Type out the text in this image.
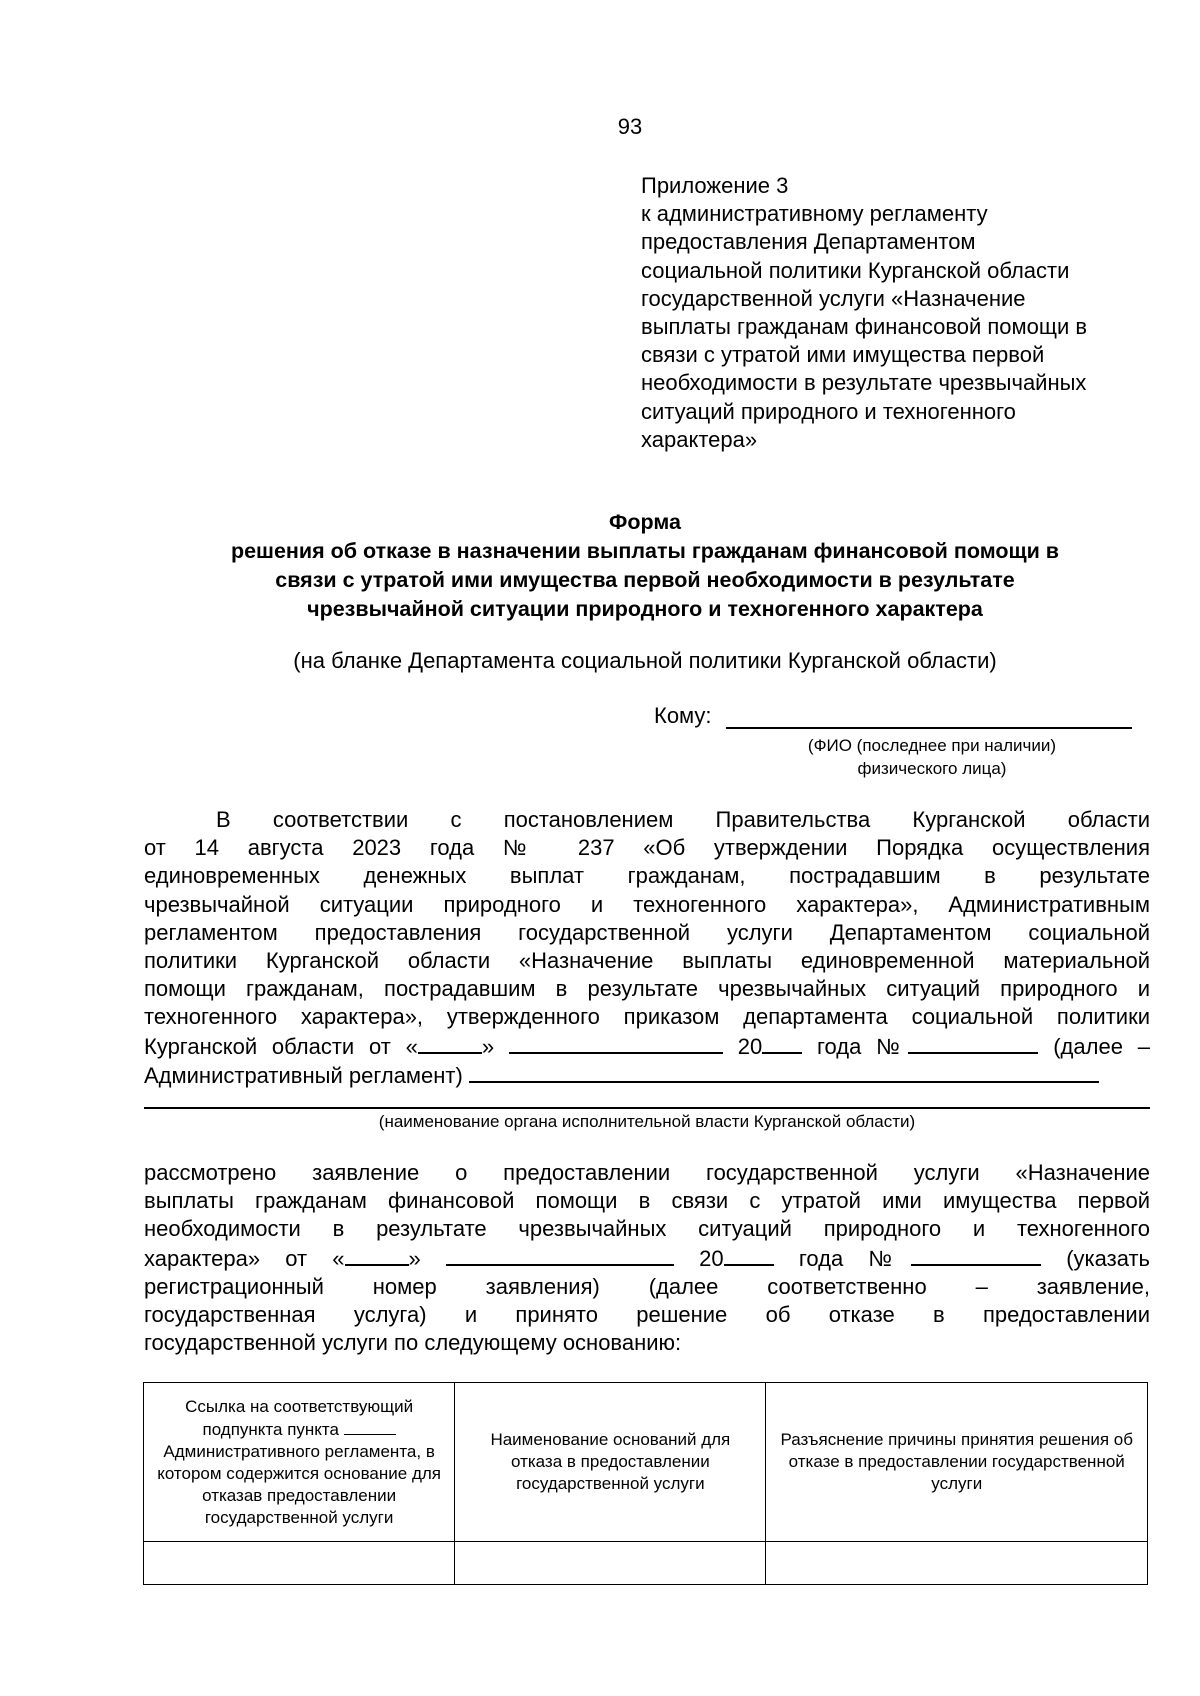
93
Приложение 3
к административному регламенту
предоставления Департаментом
социальной политики Курганской области
государственной услуги «Назначение
выплаты гражданам финансовой помощи в
связи с утратой ими имущества первой
необходимости в результате чрезвычайных
ситуаций природного и техногенного
характера»
Форма
решения об отказе в назначении выплаты гражданам финансовой помощи в
связи с утратой ими имущества первой необходимости в результате
чрезвычайной ситуации природного и техногенного характера
(на бланке Департамента социальной политики Курганской области)
Кому:
(ФИО (последнее при наличии)
физического лица)
В соответствии с постановлением Правительства Курганской области
от 14 августа 2023 года № 237 «Об утверждении Порядка осуществления
единовременных денежных выплат гражданам, пострадавшим в результате
чрезвычайной ситуации природного и техногенного характера», Административным
регламентом предоставления государственной услуги Департаментом социальной
политики Курганской области «Назначение выплаты единовременной материальной
помощи гражданам, пострадавшим в результате чрезвычайных ситуаций природного и
техногенного характера», утвержденного приказом департамента социальной политики
Курганской области от «	»	20 года №	(далее –
Административный регламент)
(наименование органа исполнительной власти Курганской области)
рассмотрено заявление о предоставлении государственной услуги «Назначение
выплаты гражданам финансовой помощи в связи с утратой ими имущества первой
необходимости в результате чрезвычайных ситуаций природного и техногенного
характера» от «	»	20	года №	(указать
регистрационный номер заявления) (далее соответственно – заявление,
государственная услуга) и принято решение об отказе в предоставлении
государственной услуги по следующему основанию:
Ссылка на соответствующий подпункта пункта  Административного регламента, в котором содержится основание для отказав предоставлении государственной услуги	Наименование оснований для отказа в предоставлении государственной услуги	Разъяснение причины принятия решения об отказе в предоставлении государственной услуги
